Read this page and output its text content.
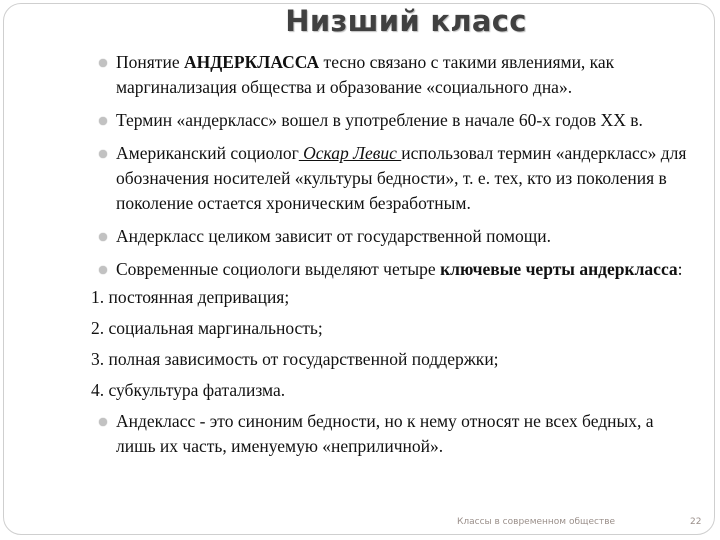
Низший класс
Понятие АНДЕРКЛАССА тесно связано с такими явлениями, как маргинализация общества и образование «социального дна».
Термин «андеркласс» вошел в употребление в начале 60-х годов XX в.
Американский социолог Оскар Левис использовал термин «андеркласс» для обозначения носителей «культуры бедности», т. е. тех, кто из поколения в поколение остается хроническим безработным.
Андеркласс целиком зависит от государственной помощи.
Современные социологи выделяют четыре ключевые черты андеркласса:
1. постоянная депривация;
2. социальная маргинальность;
3. полная зависимость от государственной поддержки;
4. субкультура фатализма.
Андекласс - это синоним бедности, но к нему относят не всех бедных, а лишь их часть, именуемую «неприличной».
Классы в современном обществе	22
